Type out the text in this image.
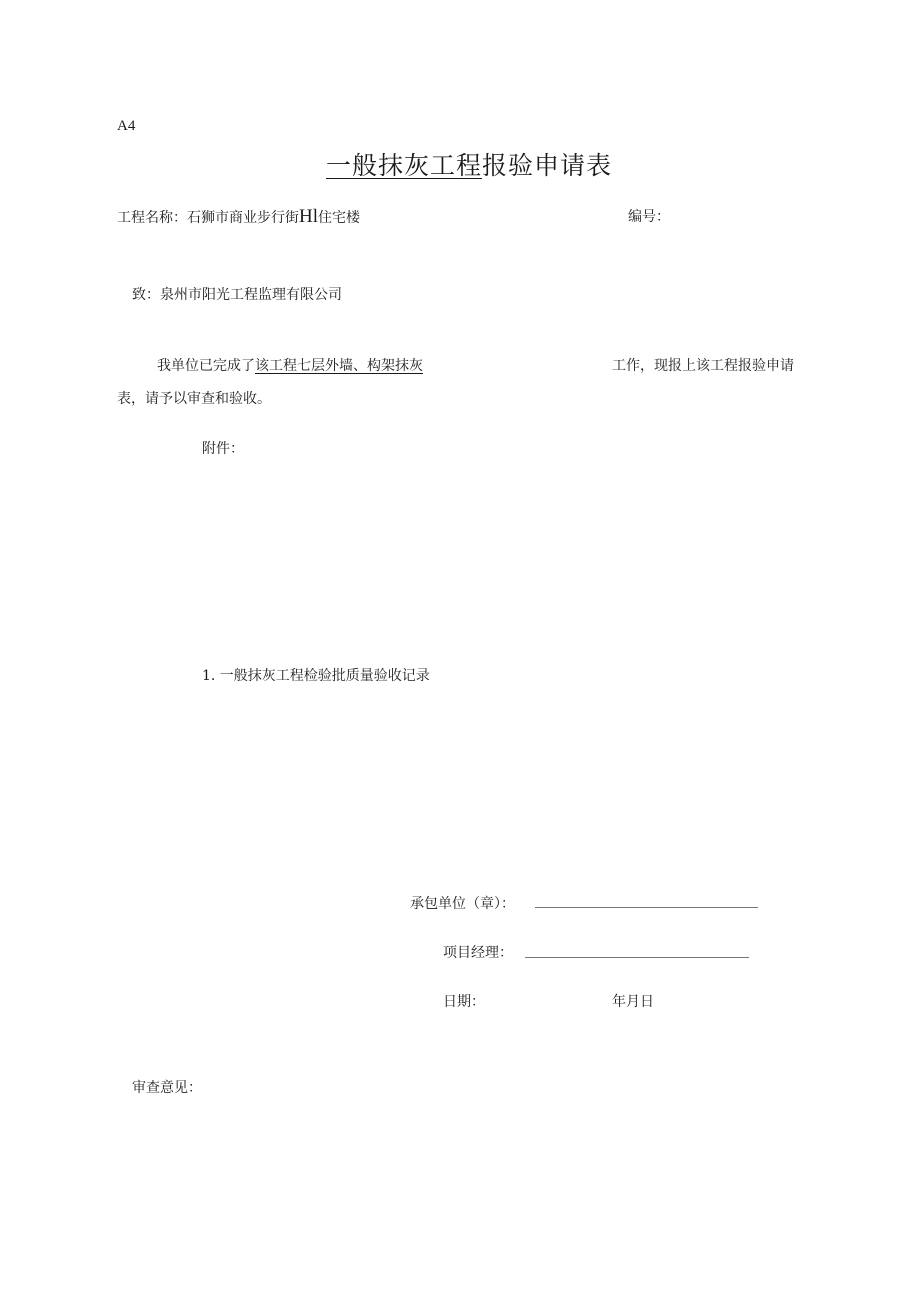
A4
一般抹灰工程报验申请表
工程名称：石狮市商业步行街Hl住宅楼	编号：
致：泉州市阳光工程监理有限公司
我单位已完成了该工程七层外墙、构架抹灰	工作，现报上该工程报验申请
表，请予以审查和验收。
附件：
1. 一般抹灰工程检验批质量验收记录
承包单位（章）：
项目经理：
日期：	年月日
审查意见：
